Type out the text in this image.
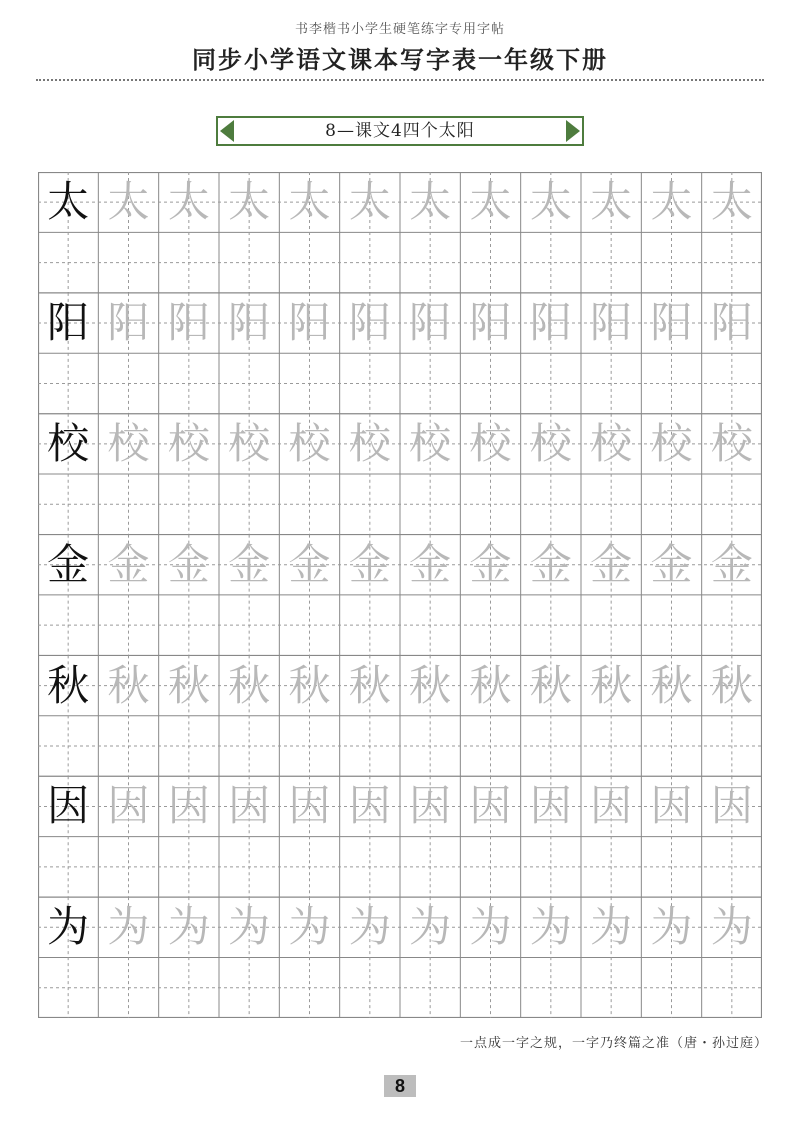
书李楷书小学生硬笔练字专用字帖
同步小学语文课本写字表一年级下册
8—课文4四个太阳
太 太 太 太 太 太 太 太 太 太 太 太
阳 阳 阳 阳 阳 阳 阳 阳 阳 阳 阳 阳
校 校 校 校 校 校 校 校 校 校 校 校
金 金 金 金 金 金 金 金 金 金 金 金
秋 秋 秋 秋 秋 秋 秋 秋 秋 秋 秋 秋
因 因 因 因 因 因 因 因 因 因 因 因
为 为 为 为 为 为 为 为 为 为 为 为
一点成一字之规，一字乃终篇之准（唐・孙过庭）
8
